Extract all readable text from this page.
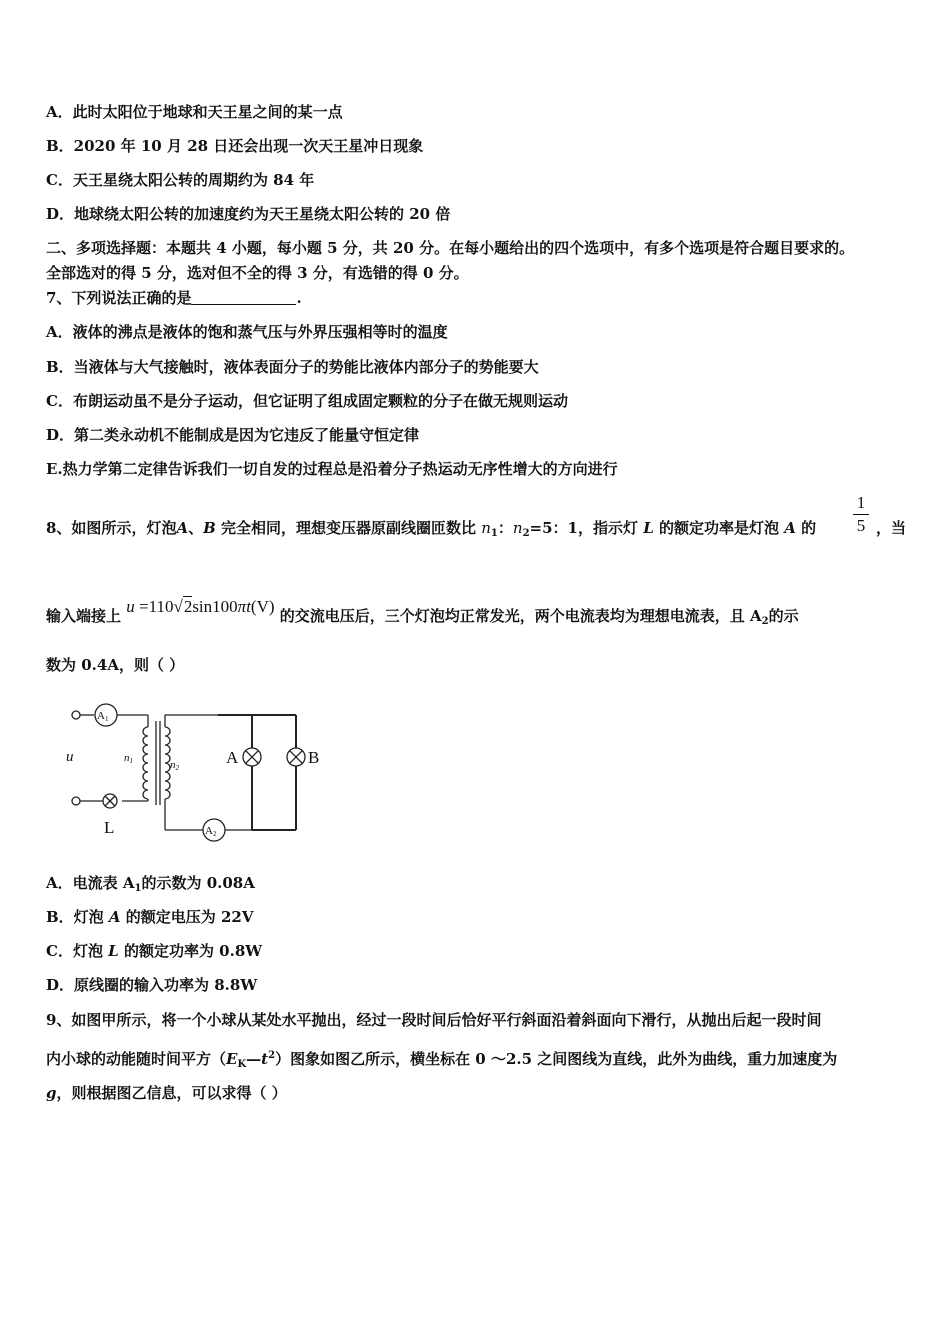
A．此时太阳位于地球和天王星之间的某一点
B．2020 年 10 月 28 日还会出现一次天王星冲日现象
C．天王星绕太阳公转的周期约为 84 年
D．地球绕太阳公转的加速度约为天王星绕太阳公转的 20 倍
二、多项选择题：本题共 4 小题，每小题 5 分，共 20 分。在每小题给出的四个选项中，有多个选项是符合题目要求的。
全部选对的得 5 分，选对但不全的得 3 分，有选错的得 0 分。
7、下列说法正确的是	.
A．液体的沸点是液体的饱和蒸气压与外界压强相等时的温度
B．当液体与大气接触时，液体表面分子的势能比液体内部分子的势能要大
C．布朗运动虽不是分子运动，但它证明了组成固定颗粒的分子在做无规则运动
D．第二类永动机不能制成是因为它违反了能量守恒定律
E.热力学第二定律告诉我们一切自发的过程总是沿着分子热运动无序性增大的方向进行
8、如图所示，灯泡A、B 完全相同，理想变压器原副线圈匝数比 $n_1$：$n_2=5$：1，指示灯 L 的额定功率是灯泡 A 的
1
5 ，当
输入端接上 u =110√2sin100πt(V) 的交流电压后，三个灯泡均正常发光，两个电流表均为理想电流表，且 $A_2$的示
数为 0.4A，则（ ）
A1
A2
u	n1	n2
A	B
L
A．电流表 $A_1$的示数为 0.08A
B．灯泡 A 的额定电压为 22V
C．灯泡 L 的额定功率为 0.8W
D．原线圈的输入功率为 8.8W
9、如图甲所示，将一个小球从某处水平抛出，经过一段时间后恰好平行斜面沿着斜面向下滑行，从抛出后起一段时间
内小球的动能随时间平方$(E_K—t^2)$图象如图乙所示，横坐标在 0 ～2.5 之间图线为直线，此外为曲线，重力加速度为
g，则根据图乙信息，可以求得（ ）
